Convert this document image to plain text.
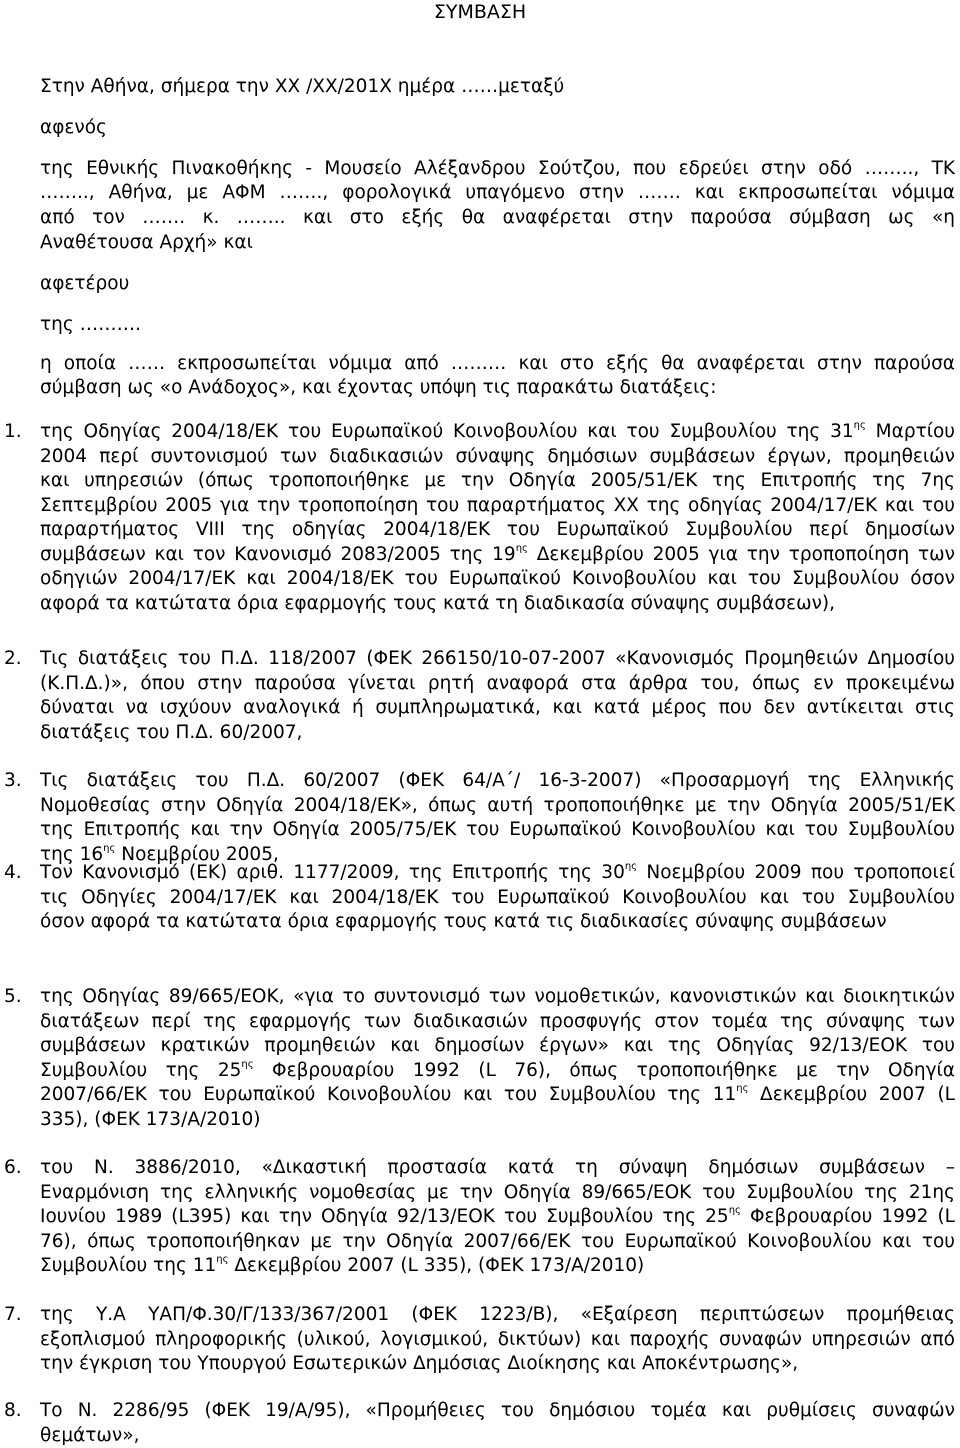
ΣΥΜΒΑΣΗ
Στην Αθήνα, σήμερα την ΧΧ /ΧΧ/201Χ ημέρα ……μεταξύ
αφενός
της Εθνικής Πινακοθήκης - Μουσείο Αλέξανδρου Σούτζου, που εδρεύει στην οδό …….., ΤΚ
…….., Αθήνα, με ΑΦΜ ……., φορολογικά υπαγόμενο στην ……. και εκπροσωπείται νόμιμα
από τον ……. κ. …….. και στο εξής θα αναφέρεται στην παρούσα σύμβαση ως «η
Αναθέτουσα Αρχή» και
αφετέρου
της ……….
η οποία …… εκπροσωπείται νόμιμα από ……… και στο εξής θα αναφέρεται στην παρούσα
σύμβαση ως «ο Ανάδοχος», και έχοντας υπόψη τις παρακάτω διατάξεις:
1. της Οδηγίας 2004/18/ΕΚ του Ευρωπαϊκού Κοινοβουλίου και του Συμβουλίου της $31^{\eta\varsigma}$ Μαρτίου
2004 περί συντονισμού των διαδικασιών σύναψης δημόσιων συμβάσεων έργων, προμηθειών
και υπηρεσιών (όπως τροποποιήθηκε με την Οδηγία 2005/51/ΕΚ της Επιτροπής της 7ης
Σεπτεμβρίου 2005 για την τροποποίηση του παραρτήματος ΧΧ της οδηγίας 2004/17/ΕΚ και του
παραρτήματος VIII της οδηγίας 2004/18/ΕΚ του Ευρωπαϊκού Συμβουλίου περί δημοσίων
συμβάσεων και τον Κανονισμό 2083/2005 της $19^{\eta\varsigma}$ Δεκεμβρίου 2005 για την τροποποίηση των
οδηγιών 2004/17/ΕΚ και 2004/18/ΕΚ του Ευρωπαϊκού Κοινοβουλίου και του Συμβουλίου όσον
αφορά τα κατώτατα όρια εφαρμογής τους κατά τη διαδικασία σύναψης συμβάσεων),
2. Τις διατάξεις του Π.Δ. 118/2007 (ΦΕΚ 266150/10-07-2007 «Κανονισμός Προμηθειών Δημοσίου
(Κ.Π.Δ.)», όπου στην παρούσα γίνεται ρητή αναφορά στα άρθρα του, όπως εν προκειμένω
δύναται να ισχύουν αναλογικά ή συμπληρωματικά, και κατά μέρος που δεν αντίκειται στις
διατάξεις του Π.Δ. 60/2007,
3. Τις διατάξεις του Π.Δ. 60/2007 (ΦΕΚ 64/Α΄/ 16-3-2007) «Προσαρμογή της Ελληνικής
Νομοθεσίας στην Οδηγία 2004/18/ΕΚ», όπως αυτή τροποποιήθηκε με την Οδηγία 2005/51/ΕΚ
της Επιτροπής και την Οδηγία 2005/75/ΕΚ του Ευρωπαϊκού Κοινοβουλίου και του Συμβουλίου
της $16^{\eta\varsigma}$ Νοεμβρίου 2005,
4. Τον Κανονισμό (ΕΚ) αριθ. 1177/2009, της Επιτροπής της $30^{\eta\varsigma}$ Νοεμβρίου 2009 που τροποποιεί
τις Οδηγίες 2004/17/ΕΚ και 2004/18/ΕΚ του Ευρωπαϊκού Κοινοβουλίου και του Συμβουλίου
όσον αφορά τα κατώτατα όρια εφαρμογής τους κατά τις διαδικασίες σύναψης συμβάσεων
5. της Οδηγίας 89/665/ΕΟΚ, «για το συντονισμό των νομοθετικών, κανονιστικών και διοικητικών
διατάξεων περί της εφαρμογής των διαδικασιών προσφυγής στον τομέα της σύναψης των
συμβάσεων κρατικών προμηθειών και δημοσίων έργων» και της Οδηγίας 92/13/ΕΟΚ του
Συμβουλίου της $25^{\eta\varsigma}$ Φεβρουαρίου 1992 (L 76), όπως τροποποιήθηκε με την Οδηγία
2007/66/ΕΚ του Ευρωπαϊκού Κοινοβουλίου και του Συμβουλίου της $11^{\eta\varsigma}$ Δεκεμβρίου 2007 (L
335), (ΦΕΚ 173/Α/2010)
6. του Ν. 3886/2010, «Δικαστική προστασία κατά τη σύναψη δημόσιων συμβάσεων –
Εναρμόνιση της ελληνικής νομοθεσίας με την Οδηγία 89/665/ΕΟΚ του Συμβουλίου της 21ης
Ιουνίου 1989 (L395) και την Οδηγία 92/13/ΕΟΚ του Συμβουλίου της $25^{\eta\varsigma}$ Φεβρουαρίου 1992 (L
76), όπως τροποποιήθηκαν με την Οδηγία 2007/66/ΕΚ του Ευρωπαϊκού Κοινοβουλίου και του
Συμβουλίου της $11^{\eta\varsigma}$ Δεκεμβρίου 2007 (L 335), (ΦΕΚ 173/Α/2010)
7. της Υ.Α ΥΑΠ/Φ.30/Γ/133/367/2001 (ΦΕΚ 1223/Β), «Εξαίρεση περιπτώσεων προμήθειας
εξοπλισμού πληροφορικής (υλικού, λογισμικού, δικτύων) και παροχής συναφών υπηρεσιών από
την έγκριση του Υπουργού Εσωτερικών Δημόσιας Διοίκησης και Αποκέντρωσης»,
8. Το Ν. 2286/95 (ΦΕΚ 19/Α/95), «Προμήθειες του δημόσιου τομέα και ρυθμίσεις συναφών
θεμάτων»,
